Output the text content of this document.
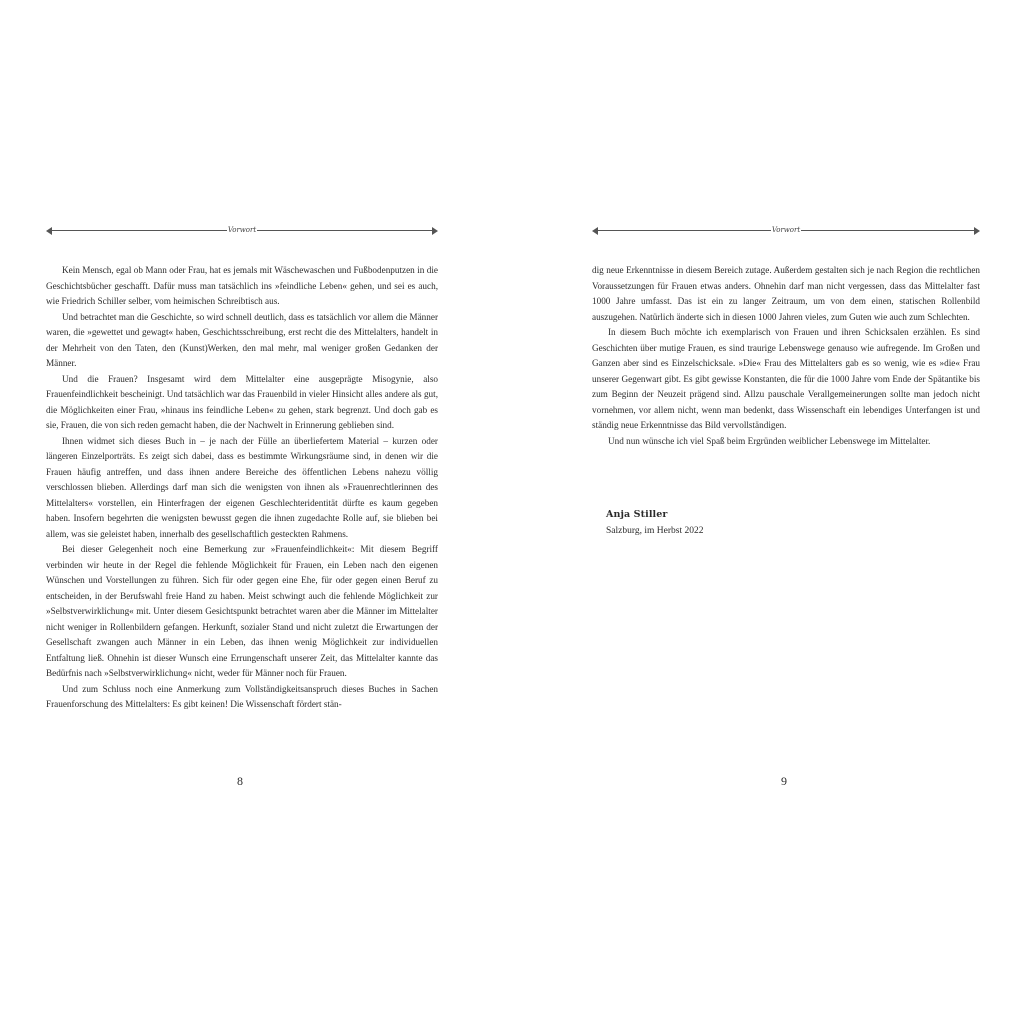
Vorwort

Kein Mensch, egal ob Mann oder Frau, hat es jemals mit Wäschewaschen und Fußbodenputzen in die Geschichtsbücher geschafft. Dafür muss man tatsächlich ins »feindliche Leben« gehen, und sei es auch, wie Friedrich Schiller selber, vom heimischen Schreibtisch aus.

Und betrachtet man die Geschichte, so wird schnell deutlich, dass es tatsächlich vor allem die Männer waren, die »gewettet und gewagt« haben, Geschichtsschreibung, erst recht die des Mittelalters, handelt in der Mehrheit von den Taten, den (Kunst)Werken, den mal mehr, mal weniger großen Gedanken der Männer.

Und die Frauen? Insgesamt wird dem Mittelalter eine ausgeprägte Misogynie, also Frauenfeindlichkeit bescheinigt. Und tatsächlich war das Frauenbild in vieler Hinsicht alles andere als gut, die Möglichkeiten einer Frau, »hinaus ins feindliche Leben« zu gehen, stark begrenzt. Und doch gab es sie, Frauen, die von sich reden gemacht haben, die der Nachwelt in Erinnerung geblieben sind.

Ihnen widmet sich dieses Buch in – je nach der Fülle an überliefertem Material – kurzen oder längeren Einzelporträts. Es zeigt sich dabei, dass es bestimmte Wirkungsräume sind, in denen wir die Frauen häufig antreffen, und dass ihnen andere Bereiche des öffentlichen Lebens nahezu völlig verschlossen blieben. Allerdings darf man sich die wenigsten von ihnen als »Frauenrechtlerinnen des Mittelalters« vorstellen, ein Hinterfragen der eigenen Geschlechteridentität dürfte es kaum gegeben haben. Insofern begehrten die wenigsten bewusst gegen die ihnen zugedachte Rolle auf, sie blieben bei allem, was sie geleistet haben, innerhalb des gesellschaftlich gesteckten Rahmens.

Bei dieser Gelegenheit noch eine Bemerkung zur »Frauenfeindlichkeit«: Mit diesem Begriff verbinden wir heute in der Regel die fehlende Möglichkeit für Frauen, ein Leben nach den eigenen Wünschen und Vorstellungen zu führen. Sich für oder gegen eine Ehe, für oder gegen einen Beruf zu entscheiden, in der Berufswahl freie Hand zu haben. Meist schwingt auch die fehlende Möglichkeit zur »Selbstverwirklichung« mit. Unter diesem Gesichtspunkt betrachtet waren aber die Männer im Mittelalter nicht weniger in Rollenbildern gefangen. Herkunft, sozialer Stand und nicht zuletzt die Erwartungen der Gesellschaft zwangen auch Männer in ein Leben, das ihnen wenig Möglichkeit zur individuellen Entfaltung ließ. Ohnehin ist dieser Wunsch eine Errungenschaft unserer Zeit, das Mittelalter kannte das Bedürfnis nach »Selbstverwirklichung« nicht, weder für Männer noch für Frauen.

Und zum Schluss noch eine Anmerkung zum Vollständigkeitsanspruch dieses Buches in Sachen Frauenforschung des Mittelalters: Es gibt keinen! Die Wissenschaft fördert stän-

8
Vorwort

dig neue Erkenntnisse in diesem Bereich zutage. Außerdem gestalten sich je nach Region die rechtlichen Voraussetzungen für Frauen etwas anders. Ohnehin darf man nicht vergessen, dass das Mittelalter fast 1000 Jahre umfasst. Das ist ein zu langer Zeitraum, um von dem einen, statischen Rollenbild auszugehen. Natürlich änderte sich in diesen 1000 Jahren vieles, zum Guten wie auch zum Schlechten.

In diesem Buch möchte ich exemplarisch von Frauen und ihren Schicksalen erzählen. Es sind Geschichten über mutige Frauen, es sind traurige Lebenswege genauso wie aufregende. Im Großen und Ganzen aber sind es Einzelschicksale. »Die« Frau des Mittelalters gab es so wenig, wie es »die« Frau unserer Gegenwart gibt. Es gibt gewisse Konstanten, die für die 1000 Jahre vom Ende der Spätantike bis zum Beginn der Neuzeit prägend sind. Allzu pauschale Verallgemeinerungen sollte man jedoch nicht vornehmen, vor allem nicht, wenn man bedenkt, dass Wissenschaft ein lebendiges Unterfangen ist und ständig neue Erkenntnisse das Bild vervollständigen.

Und nun wünsche ich viel Spaß beim Ergründen weiblicher Lebenswege im Mittelalter.

Anja Stiller
Salzburg, im Herbst 2022
9
